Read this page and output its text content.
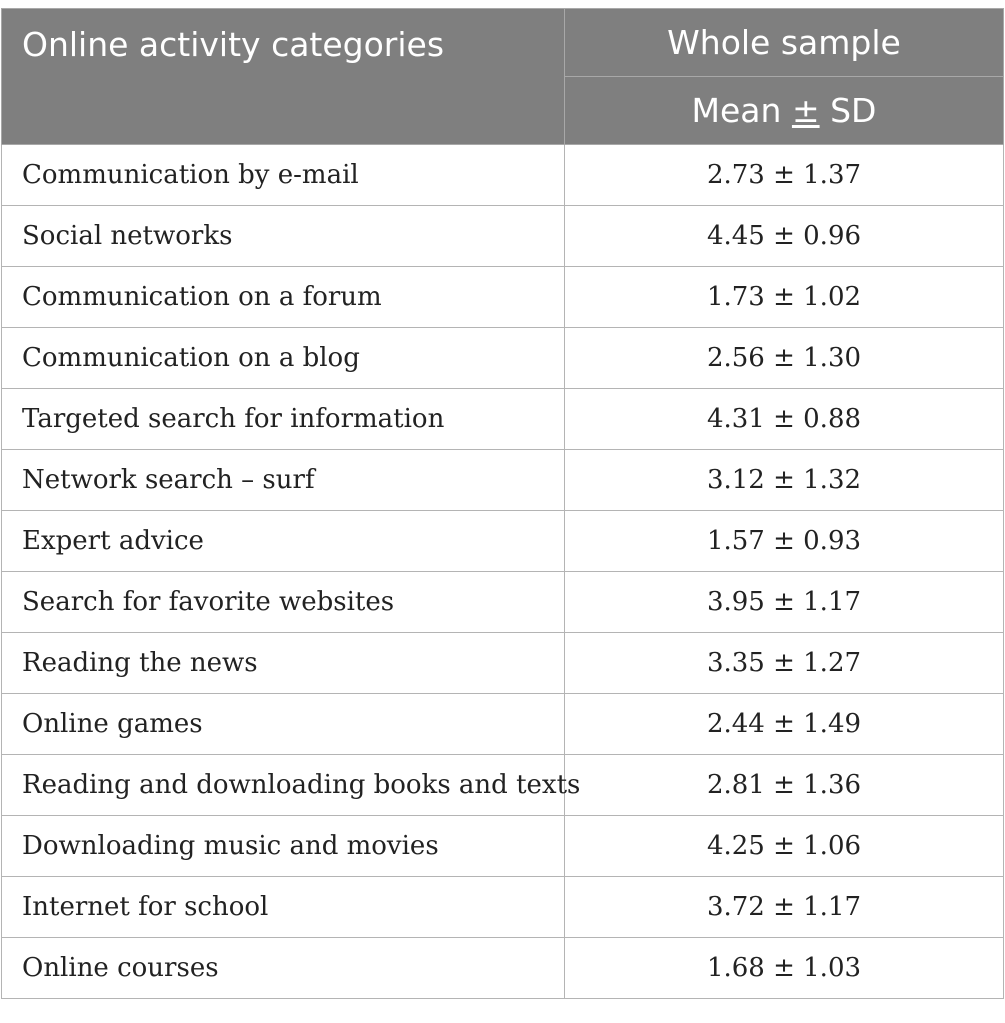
Online activity categories	Whole sample
	Mean ± SD
Communication by e-mail	2.73 ± 1.37
Social networks	4.45 ± 0.96
Communication on a forum	1.73 ± 1.02
Communication on a blog	2.56 ± 1.30
Targeted search for information	4.31 ± 0.88
Network search – surf	3.12 ± 1.32
Expert advice	1.57 ± 0.93
Search for favorite websites	3.95 ± 1.17
Reading the news	3.35 ± 1.27
Online games	2.44 ± 1.49
Reading and downloading books and texts	2.81 ± 1.36
Downloading music and movies	4.25 ± 1.06
Internet for school	3.72 ± 1.17
Online courses	1.68 ± 1.03
